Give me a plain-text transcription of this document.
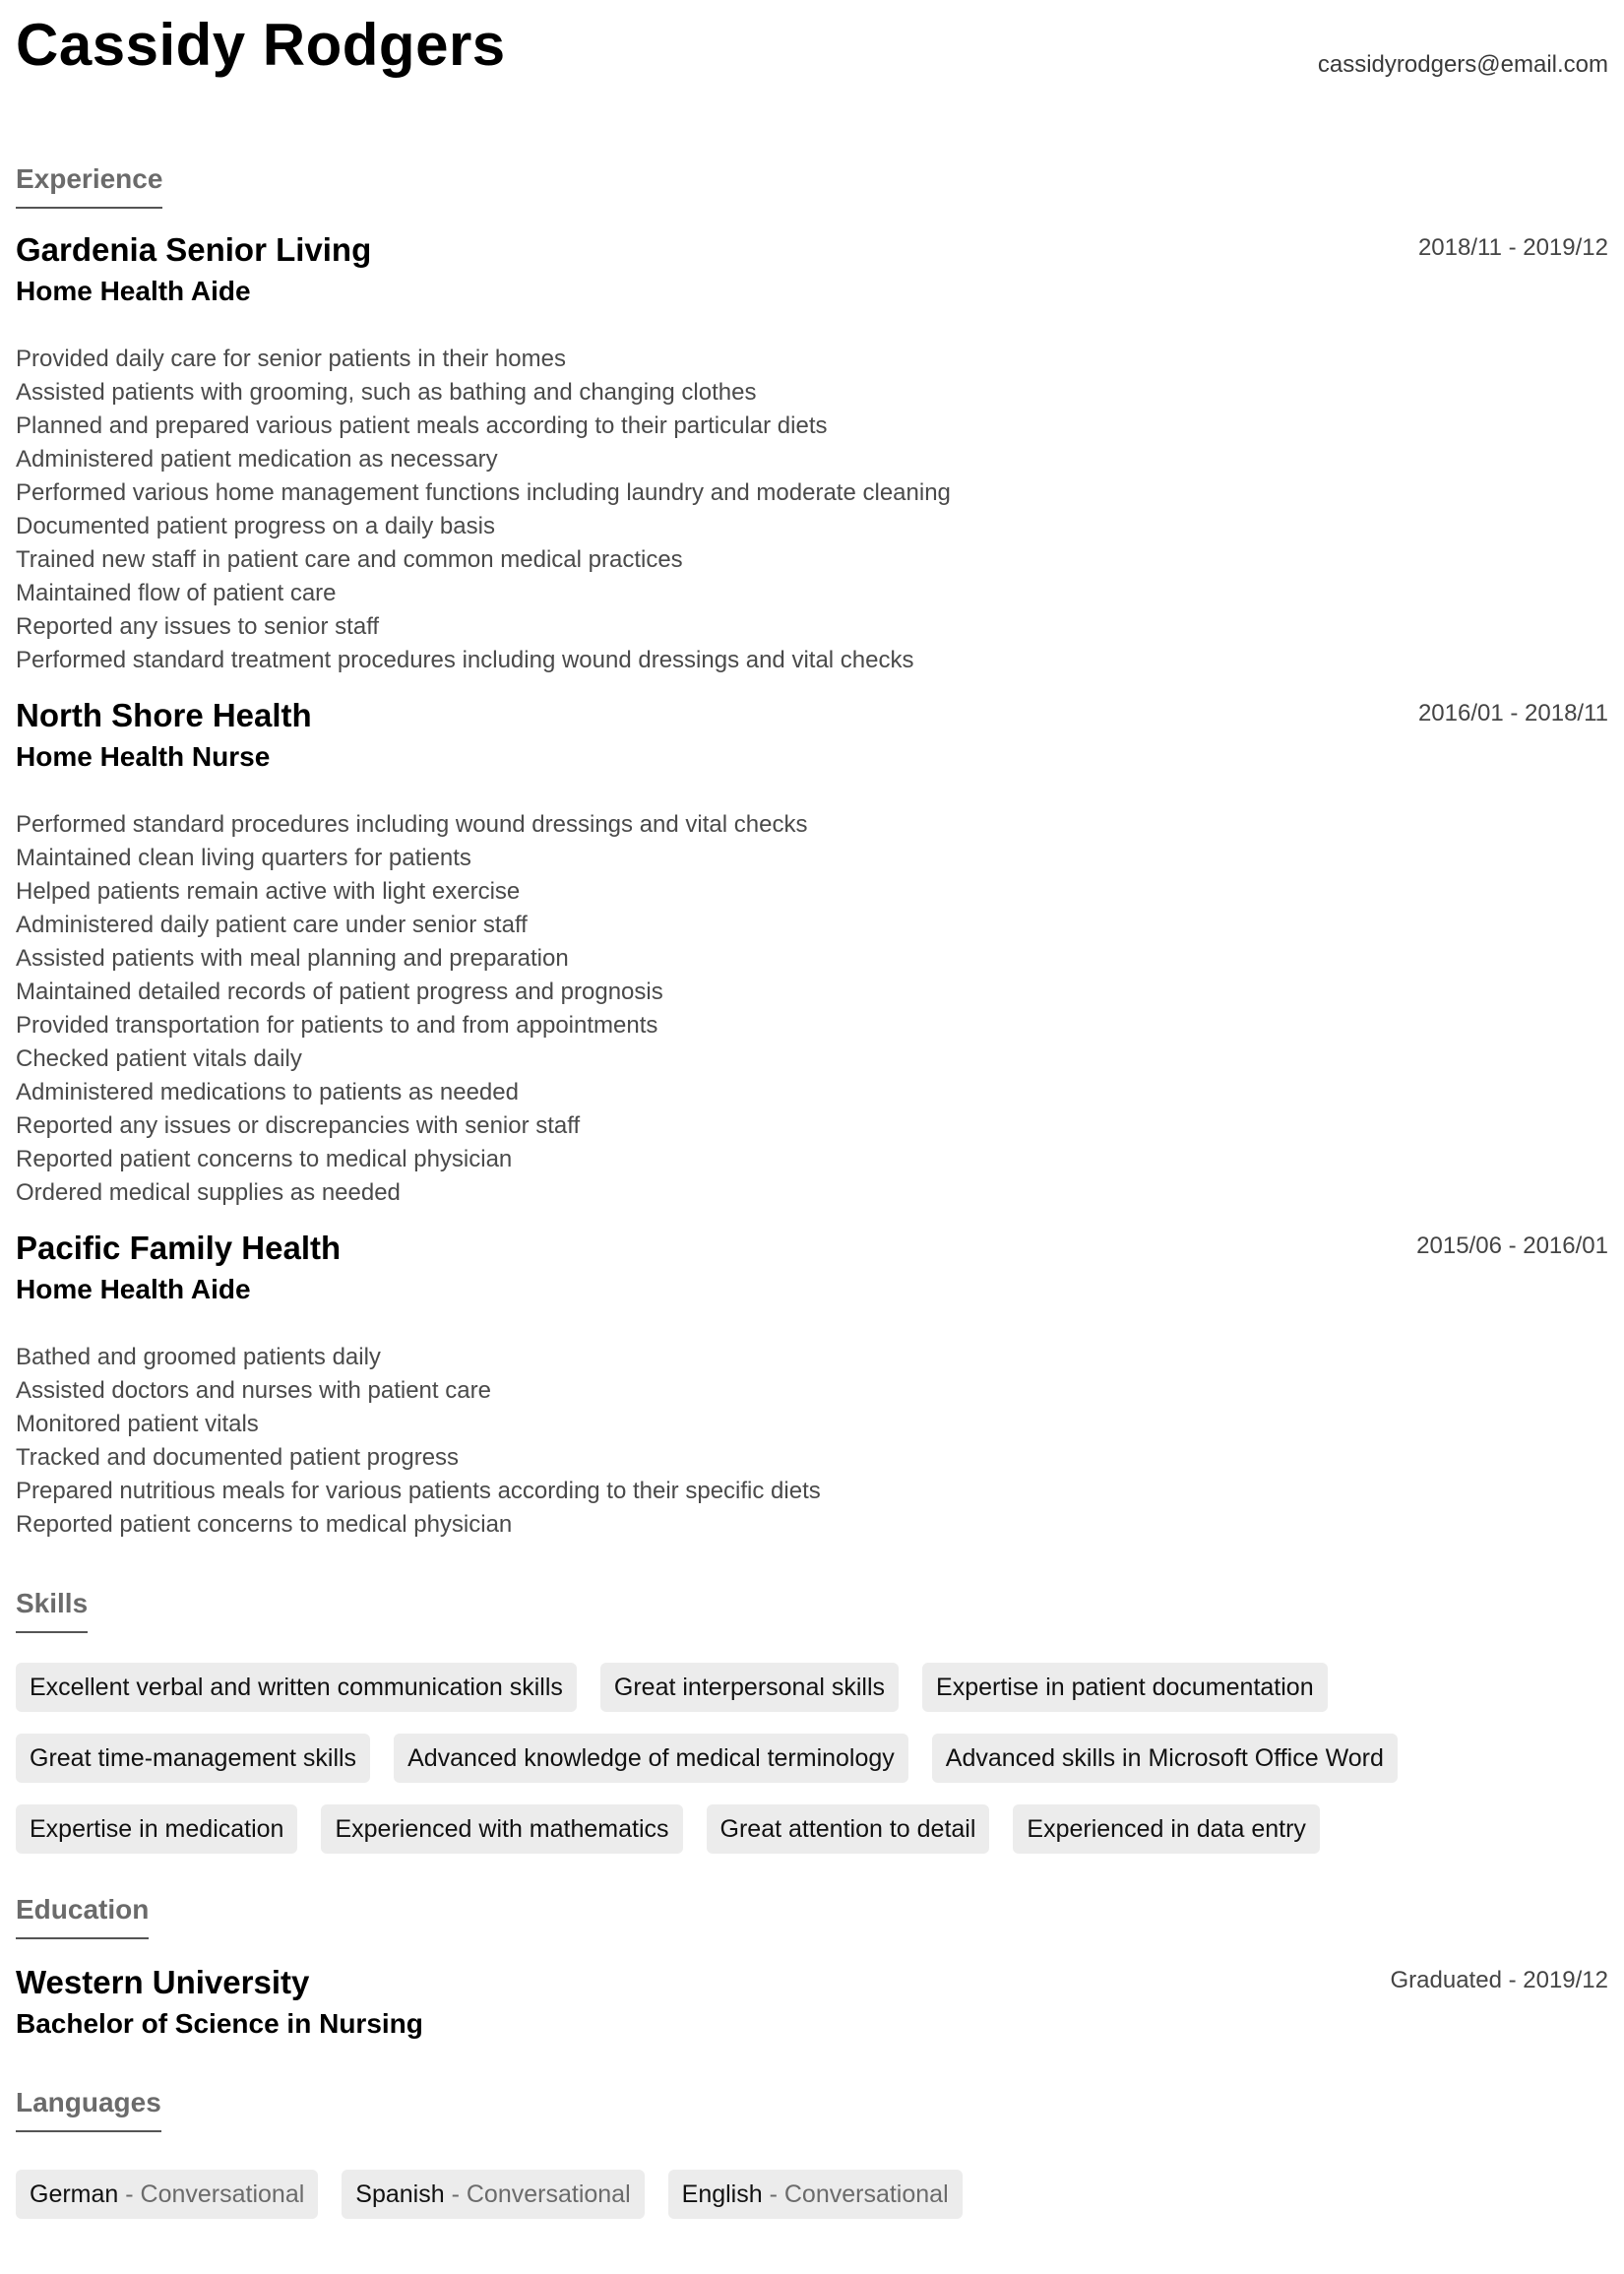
Cassidy Rodgers	cassidyrodgers@email.com
Experience
Gardenia Senior Living
Home Health Aide
2018/11 - 2019/12
Provided daily care for senior patients in their homes
Assisted patients with grooming, such as bathing and changing clothes
Planned and prepared various patient meals according to their particular diets
Administered patient medication as necessary
Performed various home management functions including laundry and moderate cleaning
Documented patient progress on a daily basis
Trained new staff in patient care and common medical practices
Maintained flow of patient care
Reported any issues to senior staff
Performed standard treatment procedures including wound dressings and vital checks
North Shore Health
Home Health Nurse
2016/01 - 2018/11
Performed standard procedures including wound dressings and vital checks
Maintained clean living quarters for patients
Helped patients remain active with light exercise
Administered daily patient care under senior staff
Assisted patients with meal planning and preparation
Maintained detailed records of patient progress and prognosis
Provided transportation for patients to and from appointments
Checked patient vitals daily
Administered medications to patients as needed
Reported any issues or discrepancies with senior staff
Reported patient concerns to medical physician
Ordered medical supplies as needed
Pacific Family Health
Home Health Aide
2015/06 - 2016/01
Bathed and groomed patients daily
Assisted doctors and nurses with patient care
Monitored patient vitals
Tracked and documented patient progress
Prepared nutritious meals for various patients according to their specific diets
Reported patient concerns to medical physician
Skills
Excellent verbal and written communication skills	Great interpersonal skills	Expertise in patient documentation
Great time-management skills	Advanced knowledge of medical terminology	Advanced skills in Microsoft Office Word
Expertise in medication	Experienced with mathematics	Great attention to detail	Experienced in data entry
Education
Western University
Bachelor of Science in Nursing
Graduated - 2019/12
Languages
German - Conversational	Spanish - Conversational	English - Conversational
